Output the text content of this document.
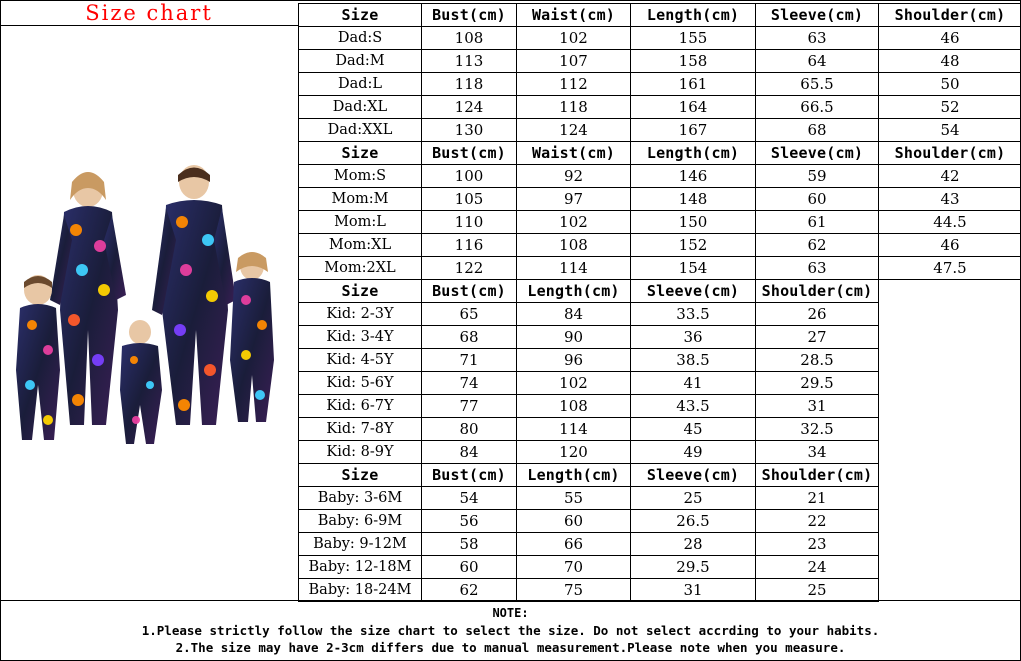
Size chart
NOTE:
1.Please strictly follow the size chart to select the size. Do not select accrding to your habits.
2.The size may have 2-3cm differs due to manual measurement.Please note when you measure.
Size	Bust(cm)	Waist(cm)	Length(cm)	Sleeve(cm)	Shoulder(cm)
Dad:S	108	102	155	63	46
Dad:M	113	107	158	64	48
Dad:L	118	112	161	65.5	50
Dad:XL	124	118	164	66.5	52
Dad:XXL	130	124	167	68	54
Size	Bust(cm)	Waist(cm)	Length(cm)	Sleeve(cm)	Shoulder(cm)
Mom:S	100	92	146	59	42
Mom:M	105	97	148	60	43
Mom:L	110	102	150	61	44.5
Mom:XL	116	108	152	62	46
Mom:2XL	122	114	154	63	47.5
Size	Bust(cm)	Length(cm)	Sleeve(cm)	Shoulder(cm)
Kid: 2-3Y	65	84	33.5	26
Kid: 3-4Y	68	90	36	27
Kid: 4-5Y	71	96	38.5	28.5
Kid: 5-6Y	74	102	41	29.5
Kid: 6-7Y	77	108	43.5	31
Kid: 7-8Y	80	114	45	32.5
Kid: 8-9Y	84	120	49	34
Size	Bust(cm)	Length(cm)	Sleeve(cm)	Shoulder(cm)
Baby: 3-6M	54	55	25	21
Baby: 6-9M	56	60	26.5	22
Baby: 9-12M	58	66	28	23
Baby: 12-18M	60	70	29.5	24
Baby: 18-24M	62	75	31	25
